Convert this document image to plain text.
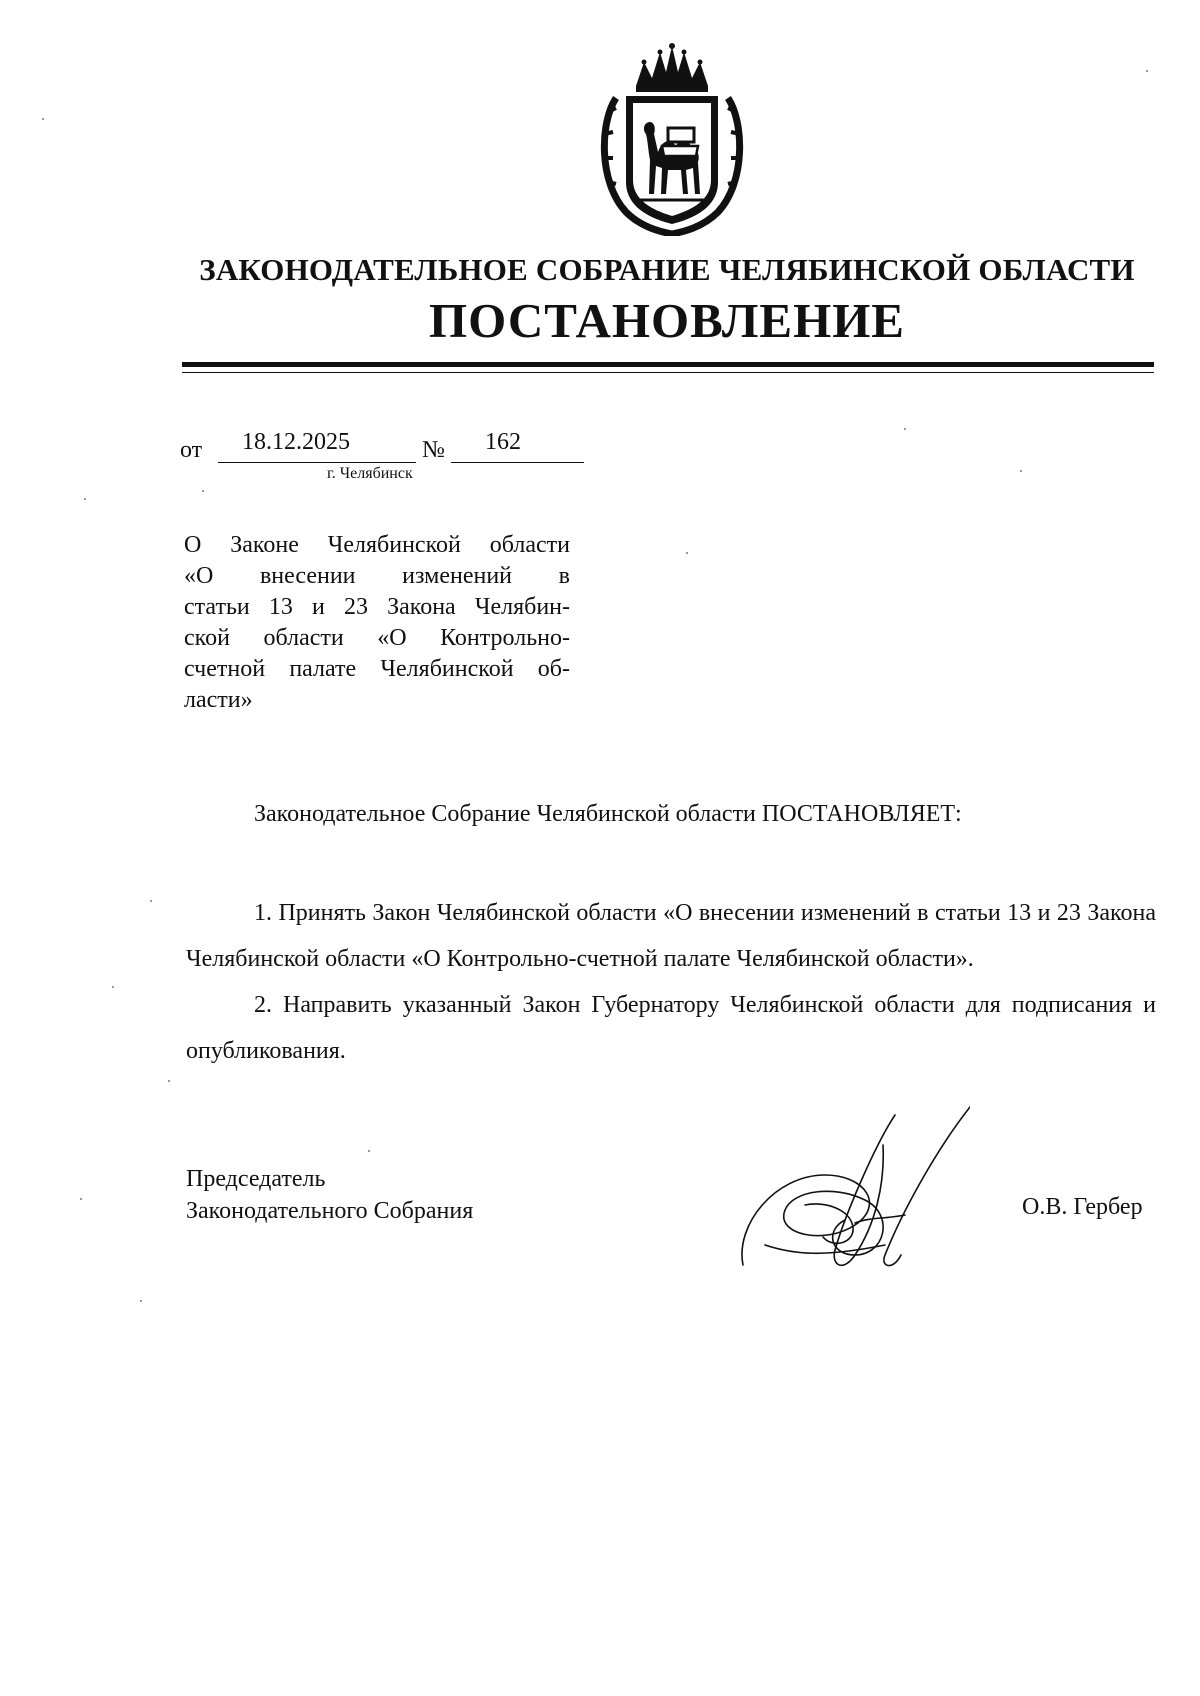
ЗАКОНОДАТЕЛЬНОЕ СОБРАНИЕ ЧЕЛЯБИНСКОЙ ОБЛАСТИ
ПОСТАНОВЛЕНИЕ
от 18.12.2025	№ 162
г. Челябинск
О Законе Челябинской области
«О внесении изменений в
статьи 13 и 23 Закона Челябин-
ской области «О Контрольно-
счетной палате Челябинской об-
ласти»
Законодательное Собрание Челябинской области ПОСТАНОВЛЯЕТ:

1. Принять Закон Челябинской области «О внесении изменений в статьи 13 и 23 Закона Челябинской области «О Контрольно-счетной палате Челябинской области».

2. Направить указанный Закон Губернатору Челябинской области для подписания и опубликования.

Председатель
Законодательного Собрания	О.В. Гербер
